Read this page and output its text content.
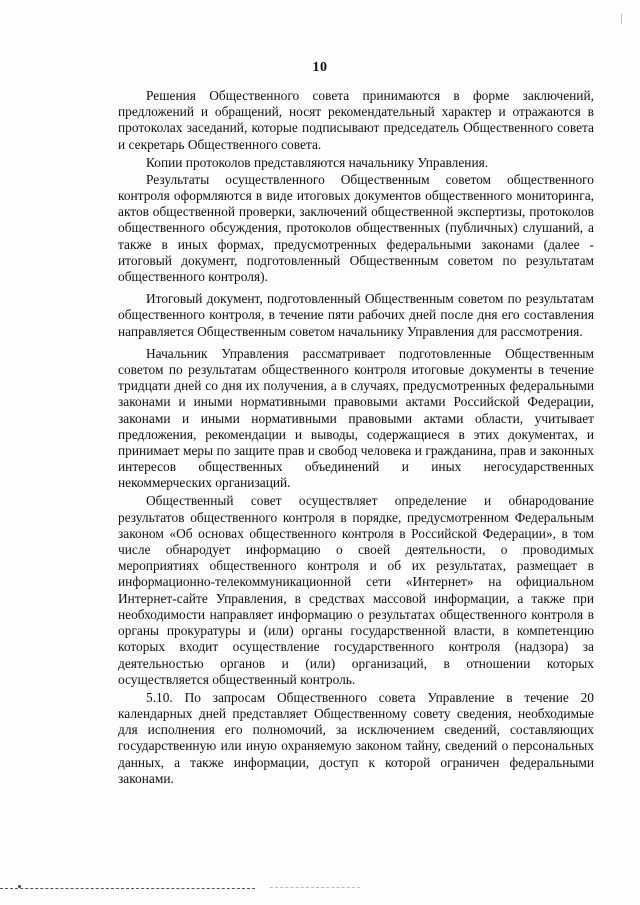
10

Решения Общественного совета принимаются в форме заключений, предложений и обращений, носят рекомендательный характер и отражаются в протоколах заседаний, которые подписывают председатель Общественного совета и секретарь Общественного совета.

Копии протоколов представляются начальнику Управления.

Результаты осуществленного Общественным советом общественного контроля оформляются в виде итоговых документов общественного мониторинга, актов общественной проверки, заключений общественной экспертизы, протоколов общественного обсуждения, протоколов общественных (публичных) слушаний, а также в иных формах, предусмотренных федеральными законами (далее - итоговый документ, подготовленный Общественным советом по результатам общественного контроля).

Итоговый документ, подготовленный Общественным советом по результатам общественного контроля, в течение пяти рабочих дней после дня его составления направляется Общественным советом начальнику Управления для рассмотрения.

Начальник Управления рассматривает подготовленные Общественным советом по результатам общественного контроля итоговые документы в течение тридцати дней со дня их получения, а в случаях, предусмотренных федеральными законами и иными нормативными правовыми актами Российской Федерации, законами и иными нормативными правовыми актами области, учитывает предложения, рекомендации и выводы, содержащиеся в этих документах, и принимает меры по защите прав и свобод человека и гражданина, прав и законных интересов общественных объединений и иных негосударственных некоммерческих организаций.

Общественный совет осуществляет определение и обнародование результатов общественного контроля в порядке, предусмотренном Федеральным законом «Об основах общественного контроля в Российской Федерации», в том числе обнародует информацию о своей деятельности, о проводимых мероприятиях общественного контроля и об их результатах, размещает в информационно-телекоммуникационной сети «Интернет» на официальном Интернет-сайте Управления, в средствах массовой информации, а также при необходимости направляет информацию о результатах общественного контроля в органы прокуратуры и (или) органы государственной власти, в компетенцию которых входит осуществление государственного контроля (надзора) за деятельностью органов и (или) организаций, в отношении которых осуществляется общественный контроль.

5.10. По запросам Общественного совета Управление в течение 20 календарных дней представляет Общественному совету сведения, необходимые для исполнения его полномочий, за исключением сведений, составляющих государственную или иную охраняемую законом тайну, сведений о персональных данных, а также информации, доступ к которой ограничен федеральными законами.
